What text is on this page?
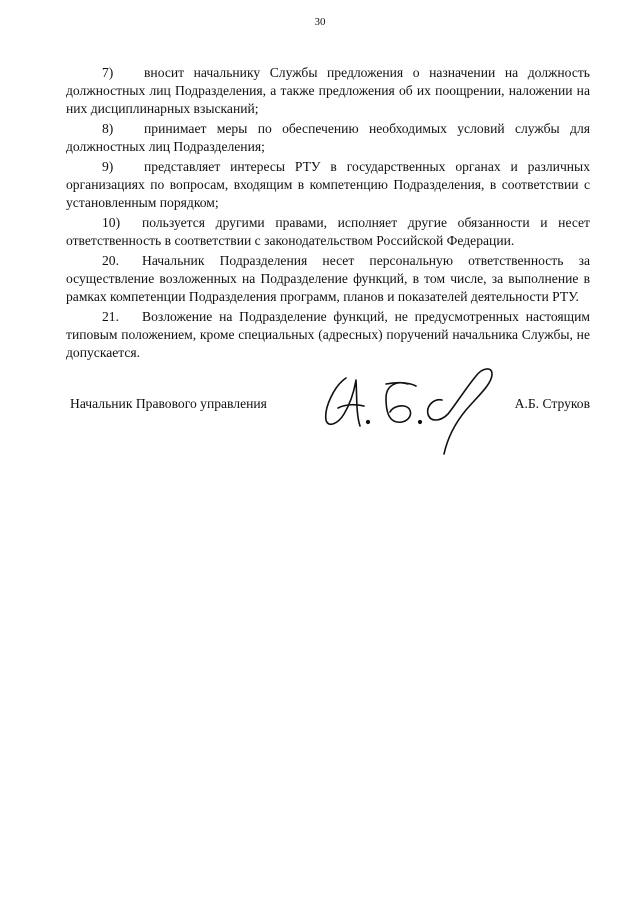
30

7) вносит начальнику Службы предложения о назначении на должность должностных лиц Подразделения, а также предложения об их поощрении, наложении на них дисциплинарных взысканий;

8) принимает меры по обеспечению необходимых условий службы для должностных лиц Подразделения;

9) представляет интересы РТУ в государственных органах и различных организациях по вопросам, входящим в компетенцию Подразделения, в соответствии с установленным порядком;

10) пользуется другими правами, исполняет другие обязанности и несет ответственность в соответствии с законодательством Российской Федерации.

20. Начальник Подразделения несет персональную ответственность за осуществление возложенных на Подразделение функций, в том числе, за выполнение в рамках компетенции Подразделения программ, планов и показателей деятельности РТУ.

21. Возложение на Подразделение функций, не предусмотренных настоящим типовым положением, кроме специальных (адресных) поручений начальника Службы, не допускается.

Начальник Правового управления	А.Б. Струков
